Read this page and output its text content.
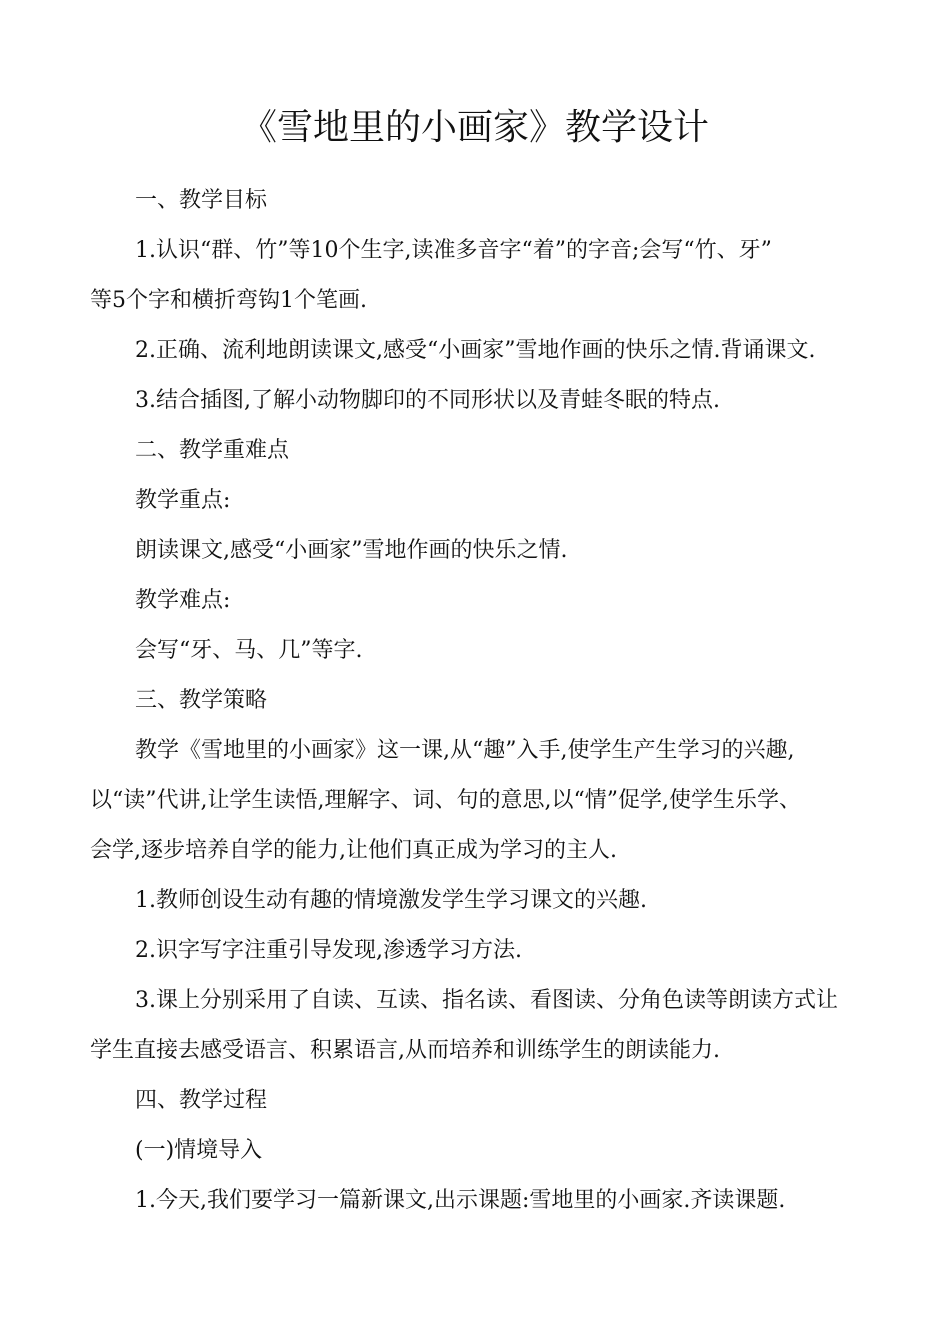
《雪地里的小画家》教学设计
一、教学目标
1.认识“群、竹”等10个生字,读准多音字“着”的字音;会写“竹、牙”
等5个字和横折弯钩1个笔画.
2.正确、流利地朗读课文,感受“小画家”雪地作画的快乐之情.背诵课文.
3.结合插图,了解小动物脚印的不同形状以及青蛙冬眠的特点.
二、教学重难点
教学重点:
朗读课文,感受“小画家”雪地作画的快乐之情.
教学难点:
会写“牙、马、几”等字.
三、教学策略
教学《雪地里的小画家》这一课,从“趣”入手,使学生产生学习的兴趣,
以“读”代讲,让学生读悟,理解字、词、句的意思,以“情”促学,使学生乐学、
会学,逐步培养自学的能力,让他们真正成为学习的主人.
1.教师创设生动有趣的情境激发学生学习课文的兴趣.
2.识字写字注重引导发现,渗透学习方法.
3.课上分别采用了自读、互读、指名读、看图读、分角色读等朗读方式让
学生直接去感受语言、积累语言,从而培养和训练学生的朗读能力.
四、教学过程
(一)情境导入
1.今天,我们要学习一篇新课文,出示课题:雪地里的小画家.齐读课题.
